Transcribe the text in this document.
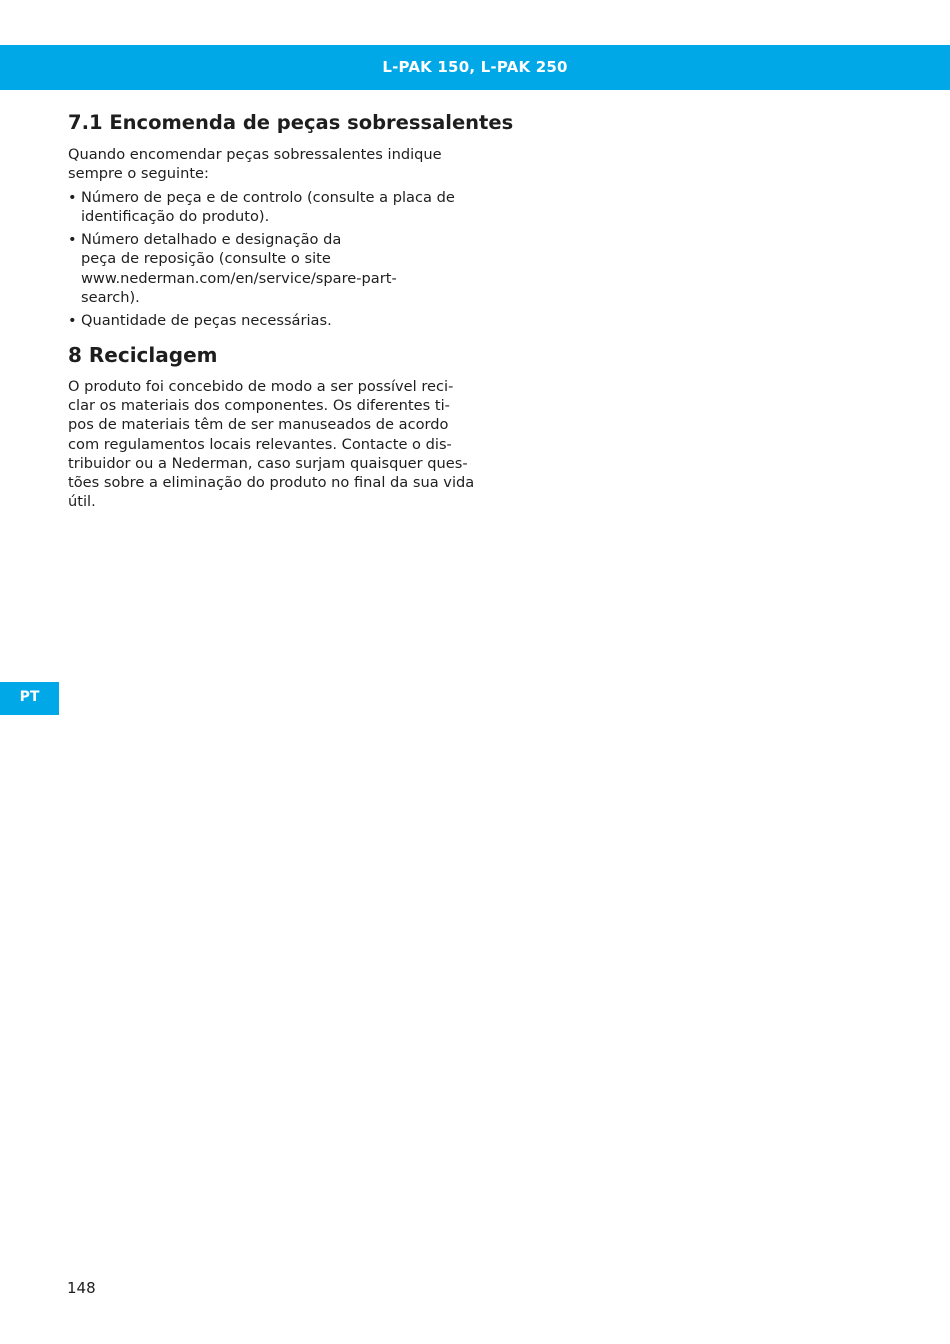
L-PAK 150, L-PAK 250
7.1 Encomenda de peças sobressalentes

Quando encomendar peças sobressalentes indique
sempre o seguinte:

• Número de peça e de controlo (consulte a placa de
identificação do produto).
• Número detalhado e designação da
peça de reposição (consulte o site
www.nederman.com/en/service/spare-part-
search).
• Quantidade de peças necessárias.
8 Reciclagem

O produto foi concebido de modo a ser possível reci-
clar os materiais dos componentes. Os diferentes ti-
pos de materiais têm de ser manuseados de acordo
com regulamentos locais relevantes. Contacte o dis-
tribuidor ou a Nederman, caso surjam quaisquer ques-
tões sobre a eliminação do produto no final da sua vida
útil.

PT
148
